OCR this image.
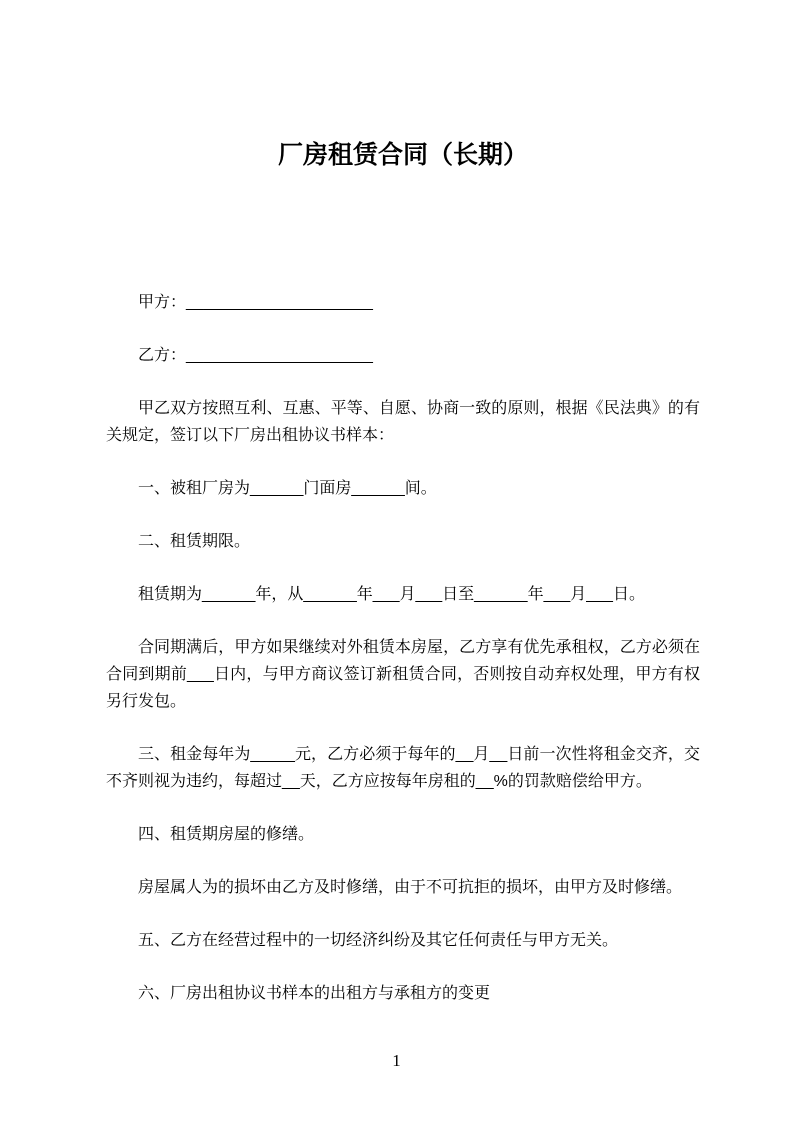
厂房租赁合同（长期）

甲方：_____________________

乙方：_____________________

甲乙双方按照互利、互惠、平等、自愿、协商一致的原则，根据《民法典》的有关规定，签订以下厂房出租协议书样本：

一、被租厂房为______门面房______间。

二、租赁期限。

租赁期为______年，从______年___月___日至______年___月___日。

合同期满后，甲方如果继续对外租赁本房屋，乙方享有优先承租权，乙方必须在合同到期前___日内，与甲方商议签订新租赁合同，否则按自动弃权处理，甲方有权另行发包。

三、租金每年为_____元，乙方必须于每年的__月__日前一次性将租金交齐，交不齐则视为违约，每超过__天，乙方应按每年房租的__%的罚款赔偿给甲方。

四、租赁期房屋的修缮。

房屋属人为的损坏由乙方及时修缮，由于不可抗拒的损坏，由甲方及时修缮。

五、乙方在经营过程中的一切经济纠纷及其它任何责任与甲方无关。

六、厂房出租协议书样本的出租方与承租方的变更

1
